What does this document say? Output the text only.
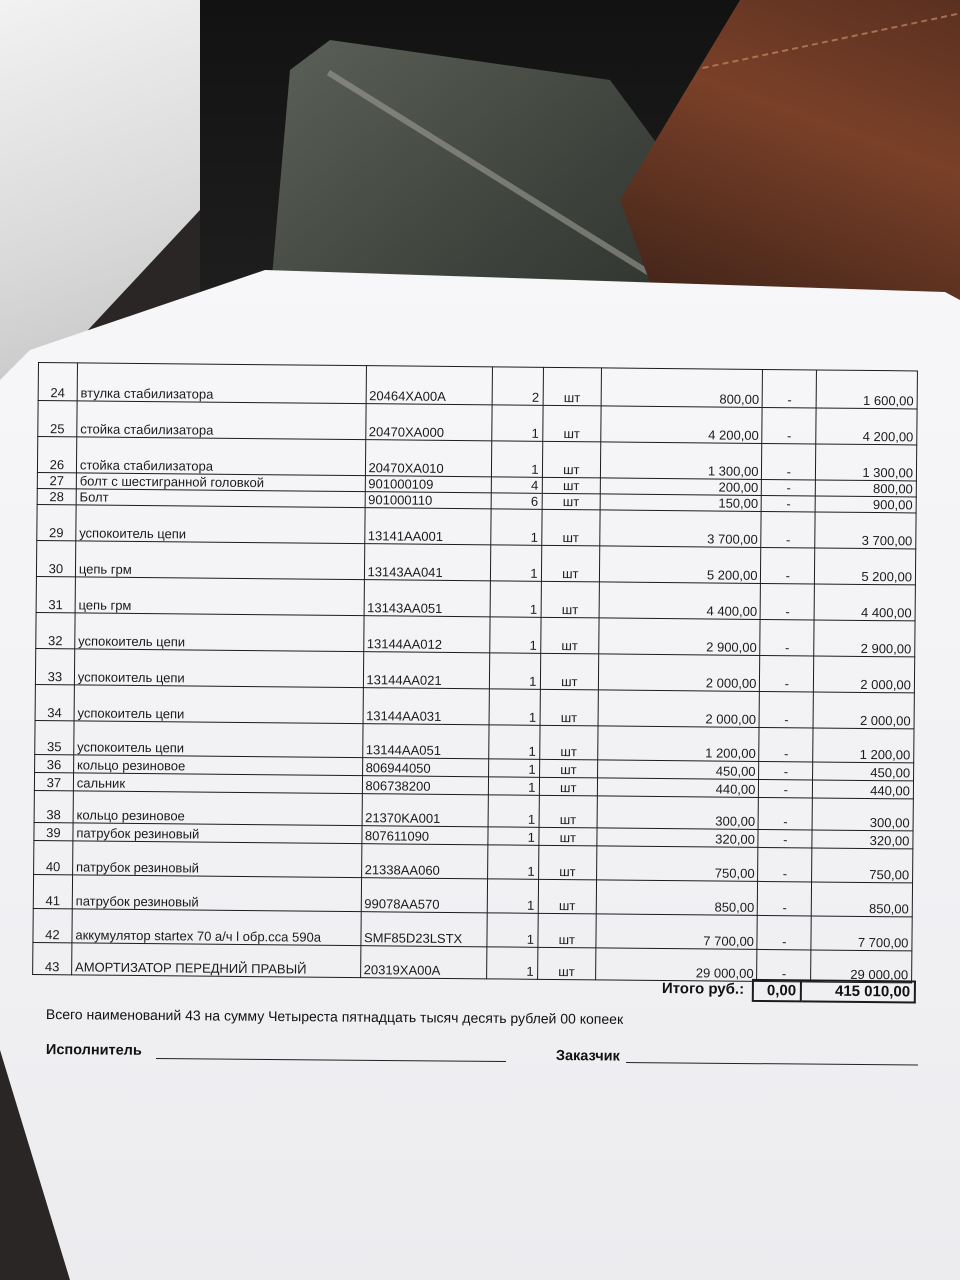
24	втулка стабилизатора	20464XA00A	2	шт	800,00	-	1 600,00
25	стойка стабилизатора	20470XA000	1	шт	4 200,00	-	4 200,00
26	стойка стабилизатора	20470XA010	1	шт	1 300,00	-	1 300,00
27	болт с шестигранной головкой	901000109	4	шт	200,00	-	800,00
28	Болт	901000110	6	шт	150,00	-	900,00
29	успокоитель цепи	13141AA001	1	шт	3 700,00	-	3 700,00
30	цепь грм	13143AA041	1	шт	5 200,00	-	5 200,00
31	цепь грм	13143AA051	1	шт	4 400,00	-	4 400,00
32	успокоитель цепи	13144AA012	1	шт	2 900,00	-	2 900,00
33	успокоитель цепи	13144AA021	1	шт	2 000,00	-	2 000,00
34	успокоитель цепи	13144AA031	1	шт	2 000,00	-	2 000,00
35	успокоитель цепи	13144AA051	1	шт	1 200,00	-	1 200,00
36	кольцо резиновое	806944050	1	шт	450,00	-	450,00
37	сальник	806738200	1	шт	440,00	-	440,00
38	кольцо резиновое	21370KA001	1	шт	300,00	-	300,00
39	патрубок резиновый	807611090	1	шт	320,00	-	320,00
40	патрубок резиновый	21338AA060	1	шт	750,00	-	750,00
41	патрубок резиновый	99078AA570	1	шт	850,00	-	850,00
42	аккумулятор startex 70 а/ч l обр.сса 590а	SMF85D23LSTX	1	шт	7 700,00	-	7 700,00
43	АМОРТИЗАТОР ПЕРЕДНИЙ ПРАВЫЙ	20319XA00A	1	шт	29 000,00	-	29 000,00
Итого руб.:	0,00	415 010,00
Всего наименований 43 на сумму Четыреста пятнадцать тысяч десять рублей 00 копеек
Исполнитель	Заказчик
